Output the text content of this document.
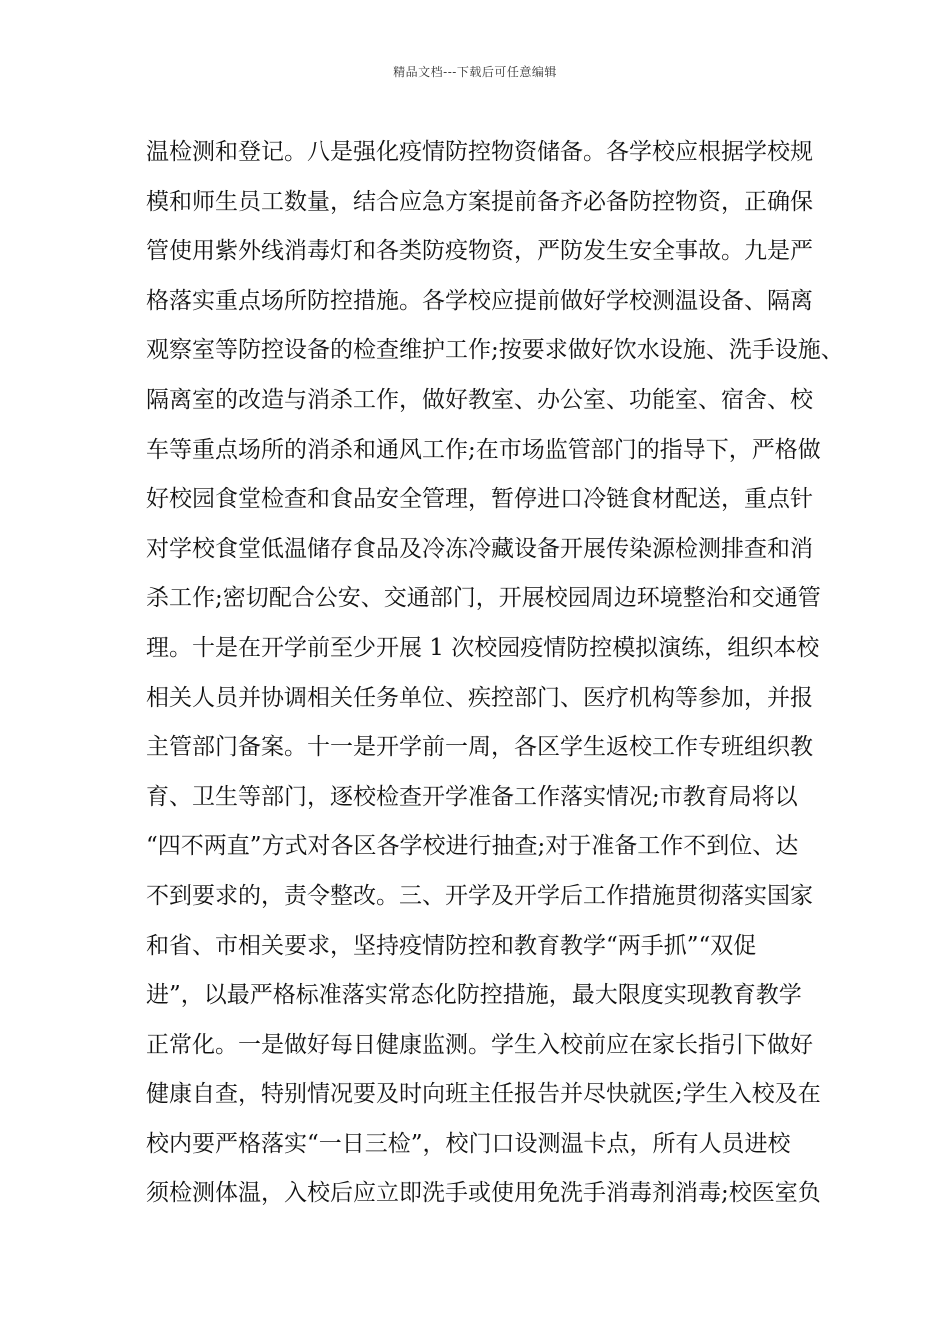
精品文档---下载后可任意编辑
温检测和登记。八是强化疫情防控物资储备。各学校应根据学校规
模和师生员工数量，结合应急方案提前备齐必备防控物资，正确保
管使用紫外线消毒灯和各类防疫物资，严防发生安全事故。九是严
格落实重点场所防控措施。各学校应提前做好学校测温设备、隔离
观察室等防控设备的检查维护工作;按要求做好饮水设施、洗手设施、
隔离室的改造与消杀工作，做好教室、办公室、功能室、宿舍、校
车等重点场所的消杀和通风工作;在市场监管部门的指导下，严格做
好校园食堂检查和食品安全管理，暂停进口冷链食材配送，重点针
对学校食堂低温储存食品及冷冻冷藏设备开展传染源检测排查和消
杀工作;密切配合公安、交通部门，开展校园周边环境整治和交通管
理。十是在开学前至少开展 1 次校园疫情防控模拟演练，组织本校
相关人员并协调相关任务单位、疾控部门、医疗机构等参加，并报
主管部门备案。十一是开学前一周，各区学生返校工作专班组织教
育、卫生等部门，逐校检查开学准备工作落实情况;市教育局将以
“四不两直”方式对各区各学校进行抽查;对于准备工作不到位、达
不到要求的，责令整改。三、开学及开学后工作措施贯彻落实国家
和省、市相关要求，坚持疫情防控和教育教学“两手抓”“双促
进”，以最严格标准落实常态化防控措施，最大限度实现教育教学
正常化。一是做好每日健康监测。学生入校前应在家长指引下做好
健康自查，特别情况要及时向班主任报告并尽快就医;学生入校及在
校内要严格落实“一日三检”，校门口设测温卡点，所有人员进校
须检测体温，入校后应立即洗手或使用免洗手消毒剂消毒;校医室负
